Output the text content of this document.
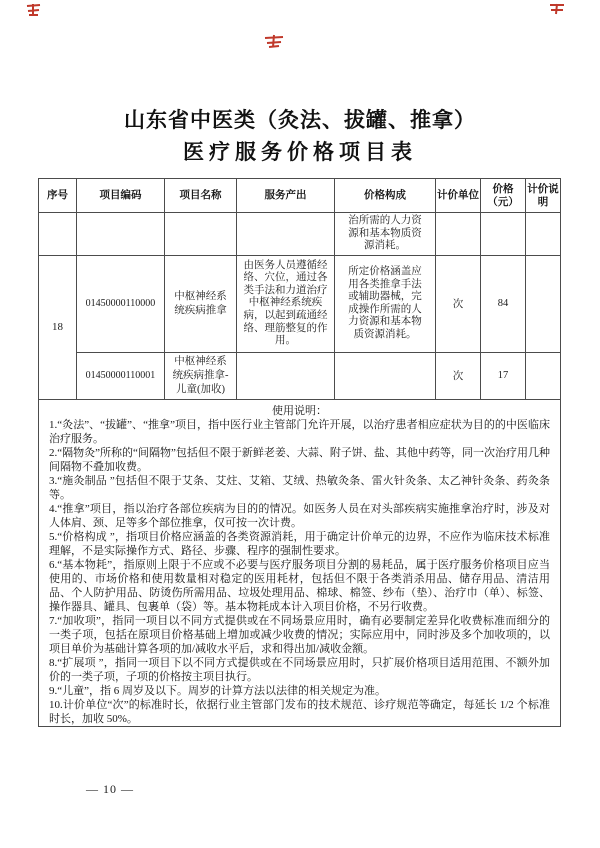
山东省中医类（灸法、拔罐、推拿）
医疗服务价格项目表
序号	项目编码	项目名称	服务产出	价格构成	计价单位	价格（元）	计价说明
				治所需的人力资源和基本物质资源消耗。			
18	01450000110000	中枢神经系统疾病推拿	由医务人员遵循经络、穴位，通过各类手法和力道治疗中枢神经系统疾病，以起到疏通经络、理筋整复的作用。	所定价格涵盖应用各类推拿手法或辅助器械，完成操作所需的人力资源和基本物质资源消耗。	次	84	
	01450000110001	中枢神经系统疾病推拿-儿童(加收)			次	17	

使用说明：
1.“灸法”、“拔罐”、“推拿”项目，指中医行业主管部门允许开展，以治疗患者相应症状为目的的中医临床治疗服务。
2.“隔物灸”所称的“间隔物”包括但不限于新鲜老姜、大蒜、附子饼、盐、其他中药等，同一次治疗用几种间隔物不叠加收费。
3.“施灸制品 ”包括但不限于艾条、艾炷、艾箱、艾绒、热敏灸条、雷火针灸条、太乙神针灸条、药灸条等。
4.“推拿”项目，指以治疗各部位疾病为目的的情况。如医务人员在对头部疾病实施推拿治疗时，涉及对人体肩、颈、足等多个部位推拿，仅可按一次计费。
5.“价格构成 ”，指项目价格应涵盖的各类资源消耗，用于确定计价单元的边界，不应作为临床技术标准理解，不是实际操作方式、路径、步骤、程序的强制性要求。
6.“基本物耗”，指原则上限于不应或不必要与医疗服务项目分割的易耗品，属于医疗服务价格项目应当使用的、市场价格和使用数量相对稳定的医用耗材，包括但不限于各类消杀用品、储存用品、清洁用品、个人防护用品、防烫伤所需用品、垃圾处理用品、棉球、棉签、纱布（垫）、治疗巾（单）、标签、操作器具、罐具、包裹单（袋）等。基本物耗成本计入项目价格，不另行收费。
7.“加收项”，指同一项目以不同方式提供或在不同场景应用时，确有必要制定差异化收费标准而细分的一类子项，包括在原项目价格基础上增加或减少收费的情况；实际应用中，同时涉及多个加收项的，以项目单价为基础计算各项的加/减收水平后，求和得出加/减收金额。
8.“扩展项 ”，指同一项目下以不同方式提供或在不同场景应用时，只扩展价格项目适用范围、不额外加价的一类子项，子项的价格按主项目执行。
9.“儿童”，指 6 周岁及以下。周岁的计算方法以法律的相关规定为准。
10.计价单位“次”的标准时长，依据行业主管部门发布的技术规范、诊疗规范等确定，每延长 1/2 个标准时长，加收 50%。
— 10 —
